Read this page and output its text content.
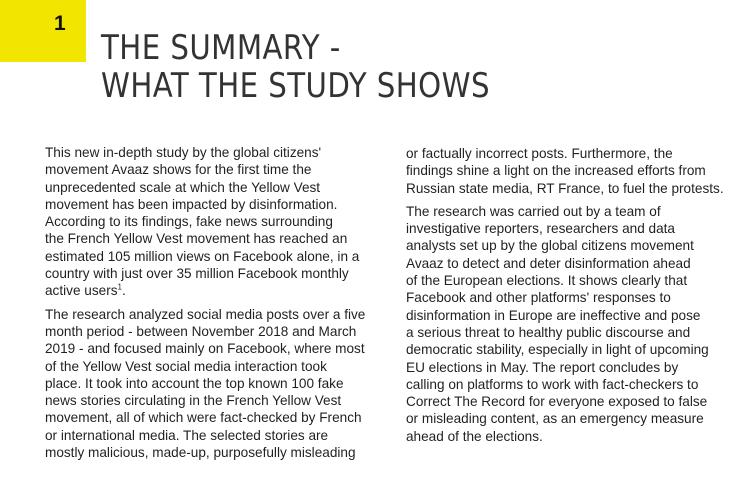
1
THE SUMMARY -
WHAT THE STUDY SHOWS

This new in-depth study by the global citizens'
movement Avaaz shows for the first time the
unprecedented scale at which the Yellow Vest
movement has been impacted by disinformation.
According to its findings, fake news surrounding
the French Yellow Vest movement has reached an
estimated 105 million views on Facebook alone, in a
country with just over 35 million Facebook monthly
active users$^1$.

The research analyzed social media posts over a five
month period - between November 2018 and March
2019 - and focused mainly on Facebook, where most
of the Yellow Vest social media interaction took
place. It took into account the top known 100 fake
news stories circulating in the French Yellow Vest
movement, all of which were fact-checked by French
or international media. The selected stories are
mostly malicious, made-up, purposefully misleading

or factually incorrect posts. Furthermore, the
findings shine a light on the increased efforts from
Russian state media, RT France, to fuel the protests.

The research was carried out by a team of
investigative reporters, researchers and data
analysts set up by the global citizens movement
Avaaz to detect and deter disinformation ahead
of the European elections. It shows clearly that
Facebook and other platforms' responses to
disinformation in Europe are ineffective and pose
a serious threat to healthy public discourse and
democratic stability, especially in light of upcoming
EU elections in May. The report concludes by
calling on platforms to work with fact-checkers to
Correct The Record for everyone exposed to false
or misleading content, as an emergency measure
ahead of the elections.
